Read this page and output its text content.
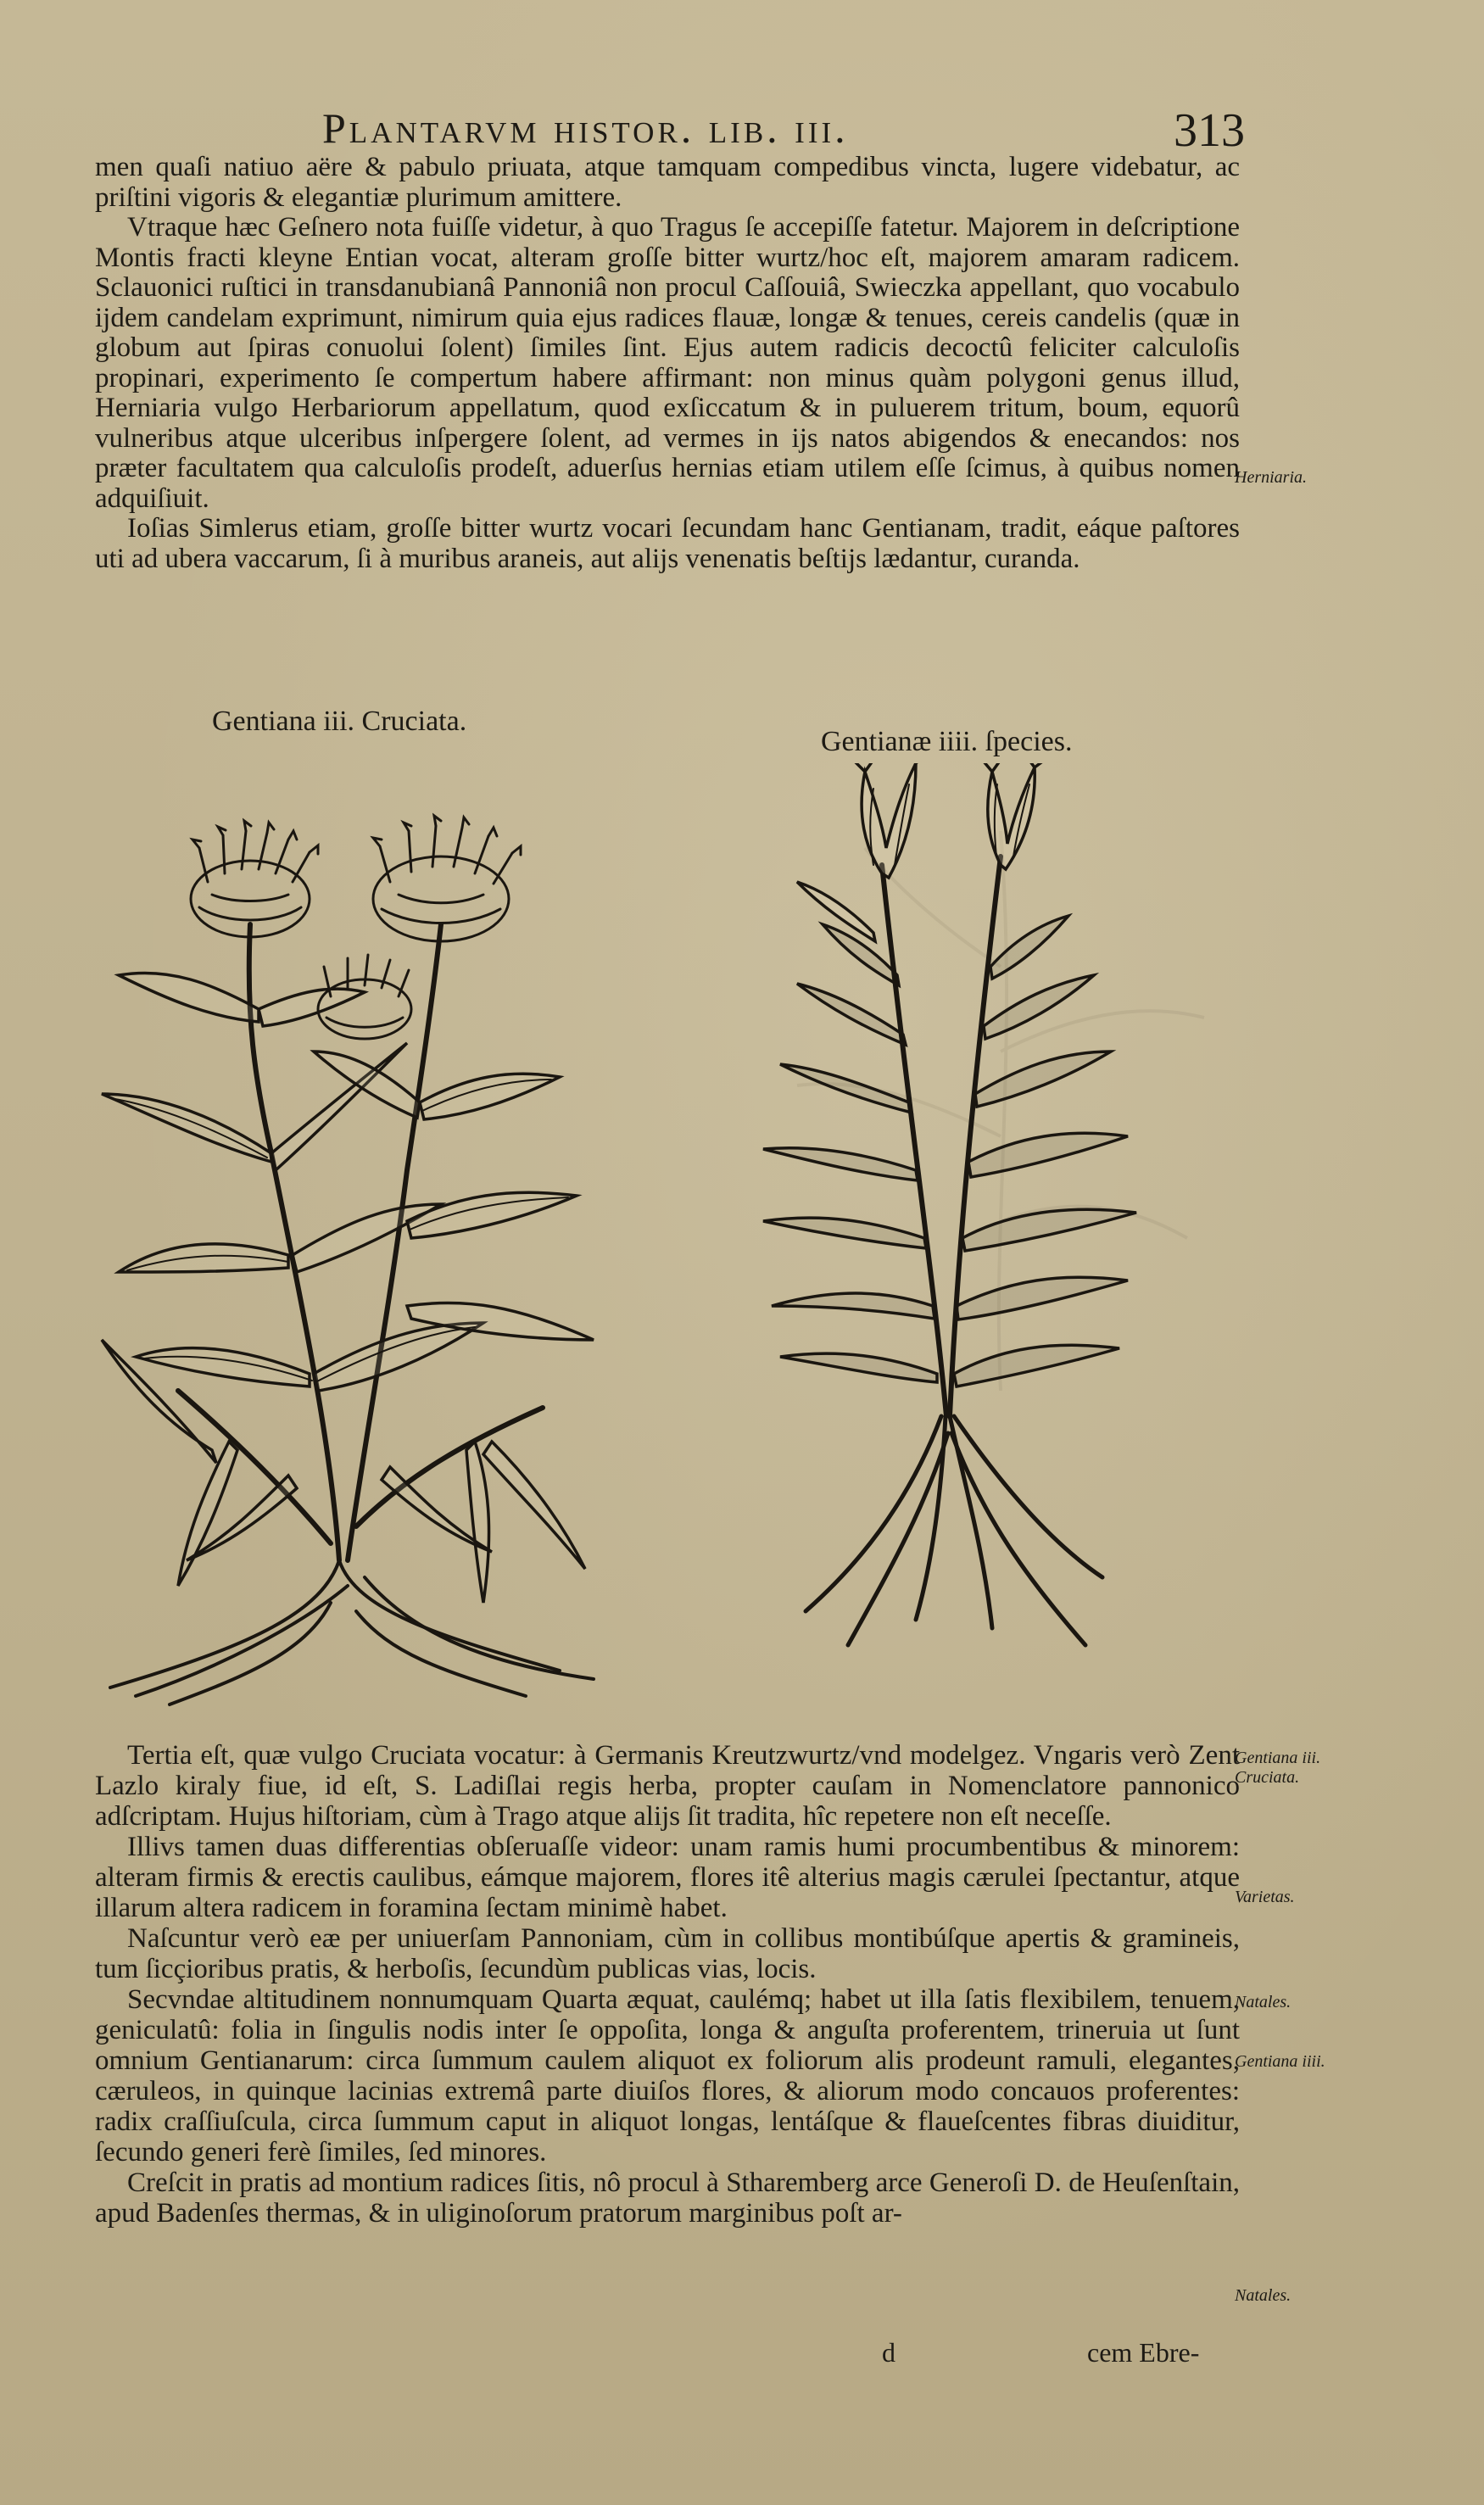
Plantarvm histor. lib. iii.	313

men quaſi natiuo aëre & pabulo priuata, atque tamquam compedibus vincta, lugere videbatur, ac priſtini vigoris & elegantiæ plurimum amittere.

Vtraque hæc Geſnero nota fuiſſe videtur, à quo Tragus ſe accepiſſe fatetur. Majorem in deſcriptione Montis fracti kleyne Entian vocat, alteram groſſe bitter wurtz/hoc eſt, majorem amaram radicem. Sclauonici ruſtici in transdanubianâ Pannoniâ non procul Caſſouiâ, Swieczka appellant, quo vocabulo ijdem candelam exprimunt, nimirum quia ejus radices flauæ, longæ & tenues, cereis candelis (quæ in globum aut ſpiras conuolui ſolent) ſimiles ſint. Ejus autem radicis decoctû feliciter calculoſis propinari, experimento ſe compertum habere affirmant: non minus quàm polygoni genus illud, Herniaria vulgo Herbariorum appellatum, quod exſiccatum & in puluerem tritum, boum, equorû vulneribus atque ulceribus inſpergere ſolent, ad vermes in ijs natos abigendos & enecandos: nos præter facultatem qua calculoſis prodeſt, aduerſus hernias etiam utilem eſſe ſcimus, à quibus nomen adquiſiuit.

Ioſias Simlerus etiam, groſſe bitter wurtz vocari ſecundam hanc Gentianam, tradit, eáque paſtores uti ad ubera vaccarum, ſi à muribus araneis, aut alijs venenatis beſtijs lædantur, curanda.

Herniaria.
Gentiana iii. Cruciata.
Gentianæ iiii. ſpecies.

Tertia eſt, quæ vulgo Cruciata vocatur: à Germanis Kreutzwurtz/vnd modelgez. Vngaris verò Zent Lazlo kiraly fiue, id eſt, S. Ladiſlai regis herba, propter cauſam in Nomenclatore pannonico adſcriptam. Hujus hiſtoriam, cùm à Trago atque alijs ſit tradita, hîc repetere non eſt neceſſe.

Illivs tamen duas differentias obſeruaſſe videor: unam ramis humi procumbentibus & minorem: alteram firmis & erectis caulibus, eámque majorem, flores itê alterius magis cærulei ſpectantur, atque illarum altera radicem in foramina ſectam minimè habet.

Naſcuntur verò eæ per uniuerſam Pannoniam, cùm in collibus montibúſque apertis & gramineis, tum ſicçioribus pratis, & herboſis, ſecundùm publicas vias, locis.

Secvndae altitudinem nonnumquam Quarta æquat, caulémq; habet ut illa ſatis flexibilem, tenuem, geniculatû: folia in ſingulis nodis inter ſe oppoſita, longa & anguſta proferentem, trineruia ut ſunt omnium Gentianarum: circa ſummum caulem aliquot ex foliorum alis prodeunt ramuli, elegantes, cæruleos, in quinque lacinias extremâ parte diuiſos flores, & aliorum modo concauos proferentes: radix craſſiuſcula, circa ſummum caput in aliquot longas, lentáſque & flaueſcentes fibras diuiditur, ſecundo generi ferè ſimiles, ſed minores.

Creſcit in pratis ad montium radices ſitis, nô procul à Stharemberg arce Generoſi D. de Heuſenſtain, apud Badenſes thermas, & in uliginoſorum pratorum marginibus poſt ar-

Gentiana iii. Cruciata.
Varietas.
Natales.
Gentiana iiii.
Natales.
d	cem Ebre-
